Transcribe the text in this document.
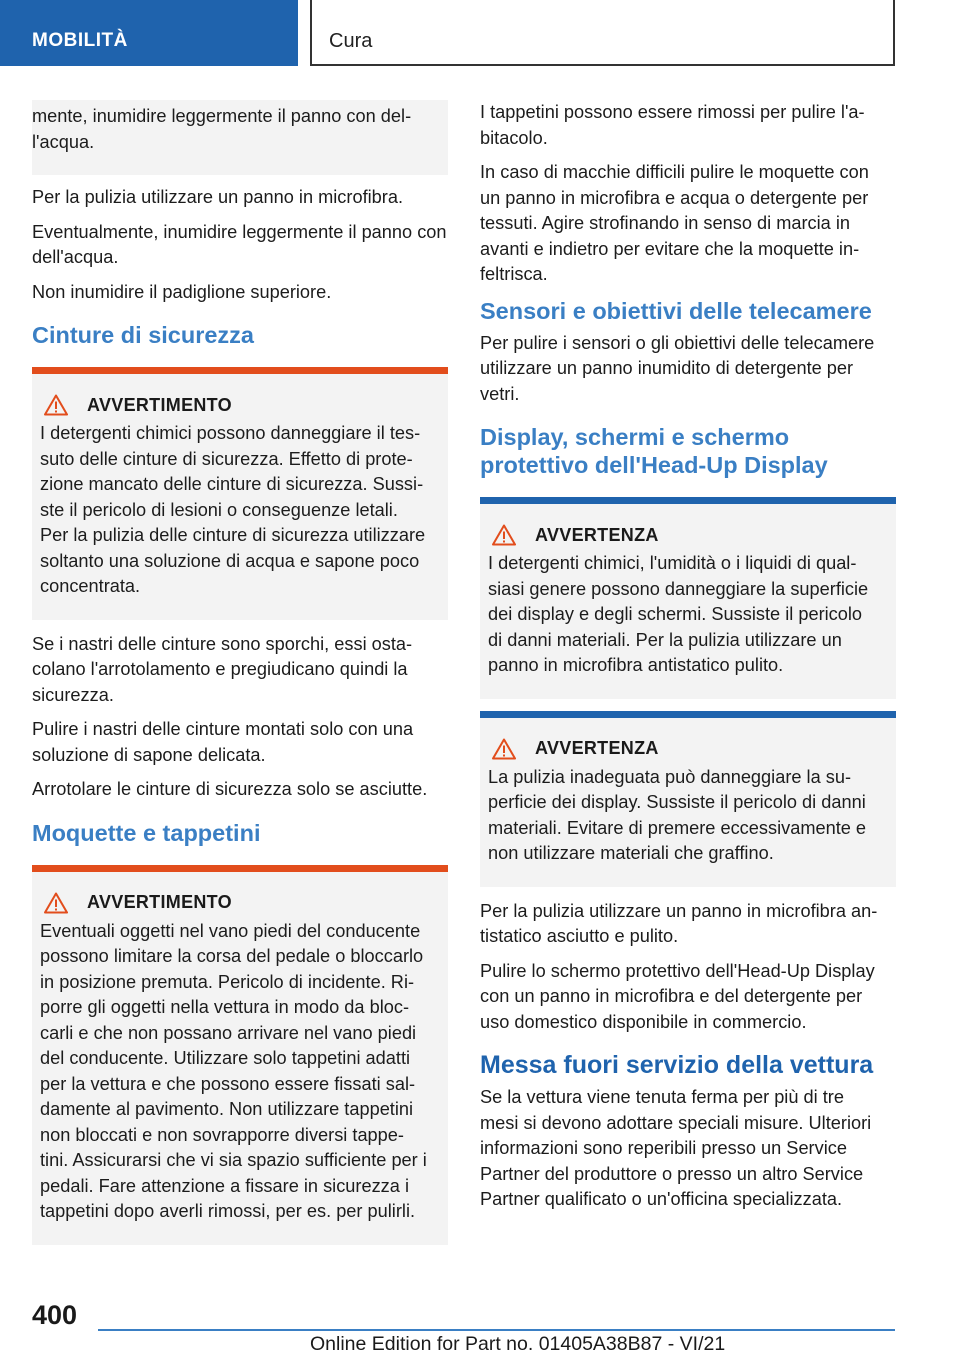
MOBILITÀ	Cura
mente, inumidire leggermente il panno con del-
l'acqua.
Per la pulizia utilizzare un panno in microfibra.
Eventualmente, inumidire leggermente il panno con dell'acqua.
Non inumidire il padiglione superiore.
Cinture di sicurezza
AVVERTIMENTO
I detergenti chimici possono danneggiare il tes-
suto delle cinture di sicurezza. Effetto di prote-
zione mancato delle cinture di sicurezza. Sussi-
ste il pericolo di lesioni o conseguenze letali.
Per la pulizia delle cinture di sicurezza utilizzare
soltanto una soluzione di acqua e sapone poco
concentrata.
Se i nastri delle cinture sono sporchi, essi osta-
colano l'arrotolamento e pregiudicano quindi la
sicurezza.
Pulire i nastri delle cinture montati solo con una
soluzione di sapone delicata.
Arrotolare le cinture di sicurezza solo se asciutte.
Moquette e tappetini
AVVERTIMENTO
Eventuali oggetti nel vano piedi del conducente
possono limitare la corsa del pedale o bloccarlo
in posizione premuta. Pericolo di incidente. Ri-
porre gli oggetti nella vettura in modo da bloc-
carli e che non possano arrivare nel vano piedi
del conducente. Utilizzare solo tappetini adatti
per la vettura e che possono essere fissati sal-
damente al pavimento. Non utilizzare tappetini
non bloccati e non sovrapporre diversi tappe-
tini. Assicurarsi che vi sia spazio sufficiente per i
pedali. Fare attenzione a fissare in sicurezza i
tappetini dopo averli rimossi, per es. per pulirli.
I tappetini possono essere rimossi per pulire l'a-
bitacolo.
In caso di macchie difficili pulire le moquette con
un panno in microfibra e acqua o detergente per
tessuti. Agire strofinando in senso di marcia in
avanti e indietro per evitare che la moquette in-
feltrisca.
Sensori e obiettivi delle telecamere
Per pulire i sensori o gli obiettivi delle telecamere
utilizzare un panno inumidito di detergente per
vetri.
Display, schermi e schermo
protettivo dell'Head-Up Display
AVVERTENZA
I detergenti chimici, l'umidità o i liquidi di qual-
siasi genere possono danneggiare la superficie
dei display e degli schermi. Sussiste il pericolo
di danni materiali. Per la pulizia utilizzare un
panno in microfibra antistatico pulito.
AVVERTENZA
La pulizia inadeguata può danneggiare la su-
perficie dei display. Sussiste il pericolo di danni
materiali. Evitare di premere eccessivamente e
non utilizzare materiali che graffino.
Per la pulizia utilizzare un panno in microfibra an-
tistatico asciutto e pulito.
Pulire lo schermo protettivo dell'Head-Up Display
con un panno in microfibra e del detergente per
uso domestico disponibile in commercio.
Messa fuori servizio della vettura
Se la vettura viene tenuta ferma per più di tre
mesi si devono adottare speciali misure. Ulteriori
informazioni sono reperibili presso un Service
Partner del produttore o presso un altro Service
Partner qualificato o un'officina specializzata.
400
Online Edition for Part no. 01405A38B87 - VI/21
